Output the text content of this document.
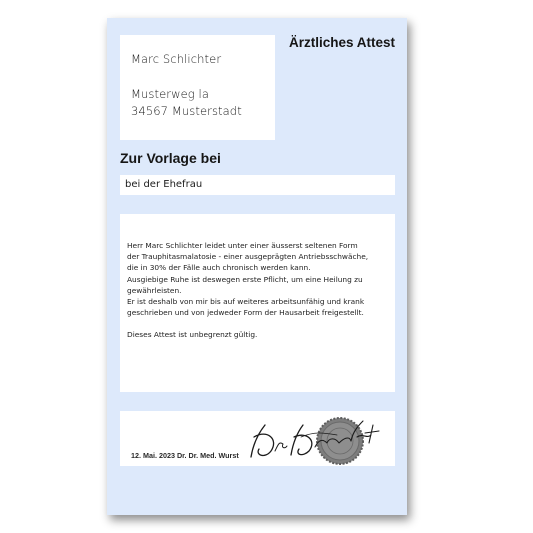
Marc Schlichter
Musterweg la
34567 Musterstadt
Ärztliches Attest
Zur Vorlage bei
bei der Ehefrau
Herr Marc Schlichter leidet unter einer äusserst seltenen Form
der Trauphitasmalatosie - einer ausgeprägten Antriebsschwäche,
die in 30% der Fälle auch chronisch werden kann.
Ausgiebige Ruhe ist deswegen erste Pflicht, um eine Heilung zu
gewährleisten.
Er ist deshalb von mir bis auf weiteres arbeitsunfähig und krank
geschrieben und von jedweder Form der Hausarbeit freigestellt.
Dieses Attest ist unbegrenzt gültig.
12. Mai. 2023 Dr. Dr. Med. Wurst
